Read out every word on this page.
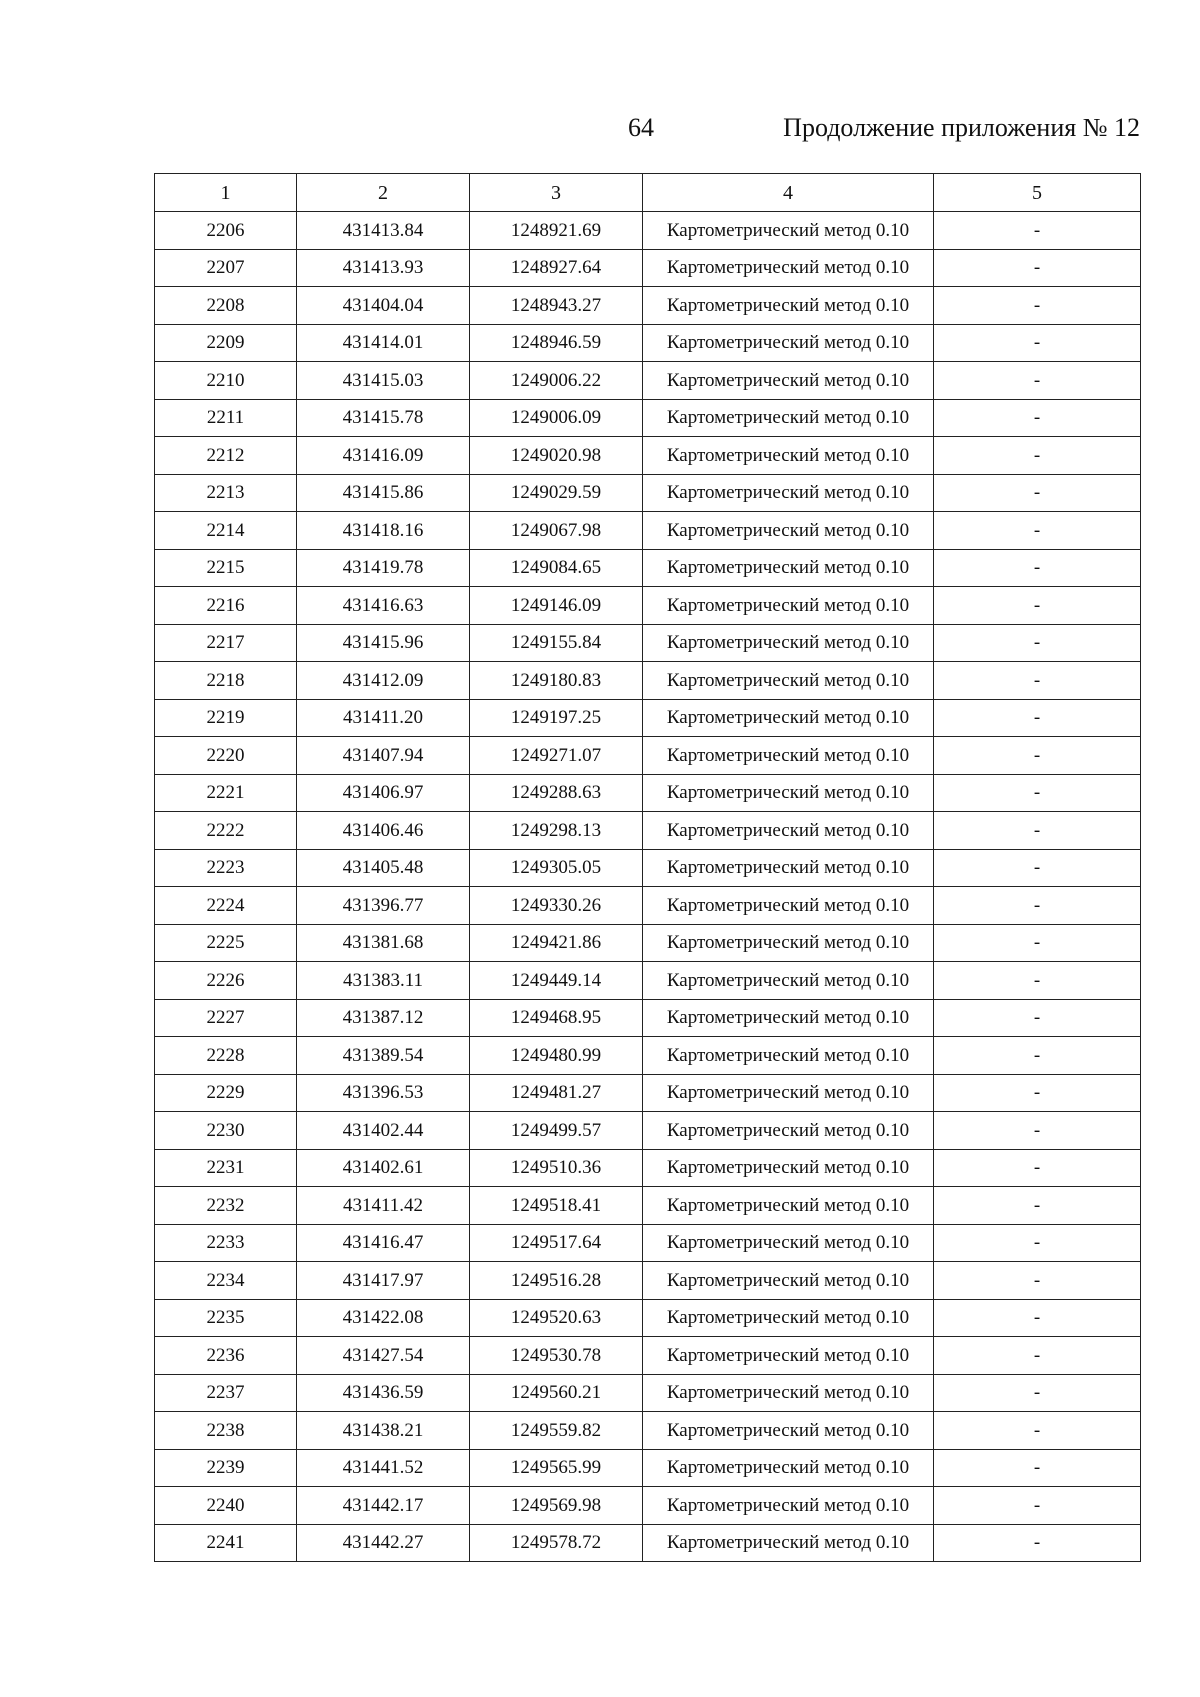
64	Продолжение приложения № 12
1	2	3	4	5
2206	431413.84	1248921.69	Картометрический метод 0.10	-
2207	431413.93	1248927.64	Картометрический метод 0.10	-
2208	431404.04	1248943.27	Картометрический метод 0.10	-
2209	431414.01	1248946.59	Картометрический метод 0.10	-
2210	431415.03	1249006.22	Картометрический метод 0.10	-
2211	431415.78	1249006.09	Картометрический метод 0.10	-
2212	431416.09	1249020.98	Картометрический метод 0.10	-
2213	431415.86	1249029.59	Картометрический метод 0.10	-
2214	431418.16	1249067.98	Картометрический метод 0.10	-
2215	431419.78	1249084.65	Картометрический метод 0.10	-
2216	431416.63	1249146.09	Картометрический метод 0.10	-
2217	431415.96	1249155.84	Картометрический метод 0.10	-
2218	431412.09	1249180.83	Картометрический метод 0.10	-
2219	431411.20	1249197.25	Картометрический метод 0.10	-
2220	431407.94	1249271.07	Картометрический метод 0.10	-
2221	431406.97	1249288.63	Картометрический метод 0.10	-
2222	431406.46	1249298.13	Картометрический метод 0.10	-
2223	431405.48	1249305.05	Картометрический метод 0.10	-
2224	431396.77	1249330.26	Картометрический метод 0.10	-
2225	431381.68	1249421.86	Картометрический метод 0.10	-
2226	431383.11	1249449.14	Картометрический метод 0.10	-
2227	431387.12	1249468.95	Картометрический метод 0.10	-
2228	431389.54	1249480.99	Картометрический метод 0.10	-
2229	431396.53	1249481.27	Картометрический метод 0.10	-
2230	431402.44	1249499.57	Картометрический метод 0.10	-
2231	431402.61	1249510.36	Картометрический метод 0.10	-
2232	431411.42	1249518.41	Картометрический метод 0.10	-
2233	431416.47	1249517.64	Картометрический метод 0.10	-
2234	431417.97	1249516.28	Картометрический метод 0.10	-
2235	431422.08	1249520.63	Картометрический метод 0.10	-
2236	431427.54	1249530.78	Картометрический метод 0.10	-
2237	431436.59	1249560.21	Картометрический метод 0.10	-
2238	431438.21	1249559.82	Картометрический метод 0.10	-
2239	431441.52	1249565.99	Картометрический метод 0.10	-
2240	431442.17	1249569.98	Картометрический метод 0.10	-
2241	431442.27	1249578.72	Картометрический метод 0.10	-
